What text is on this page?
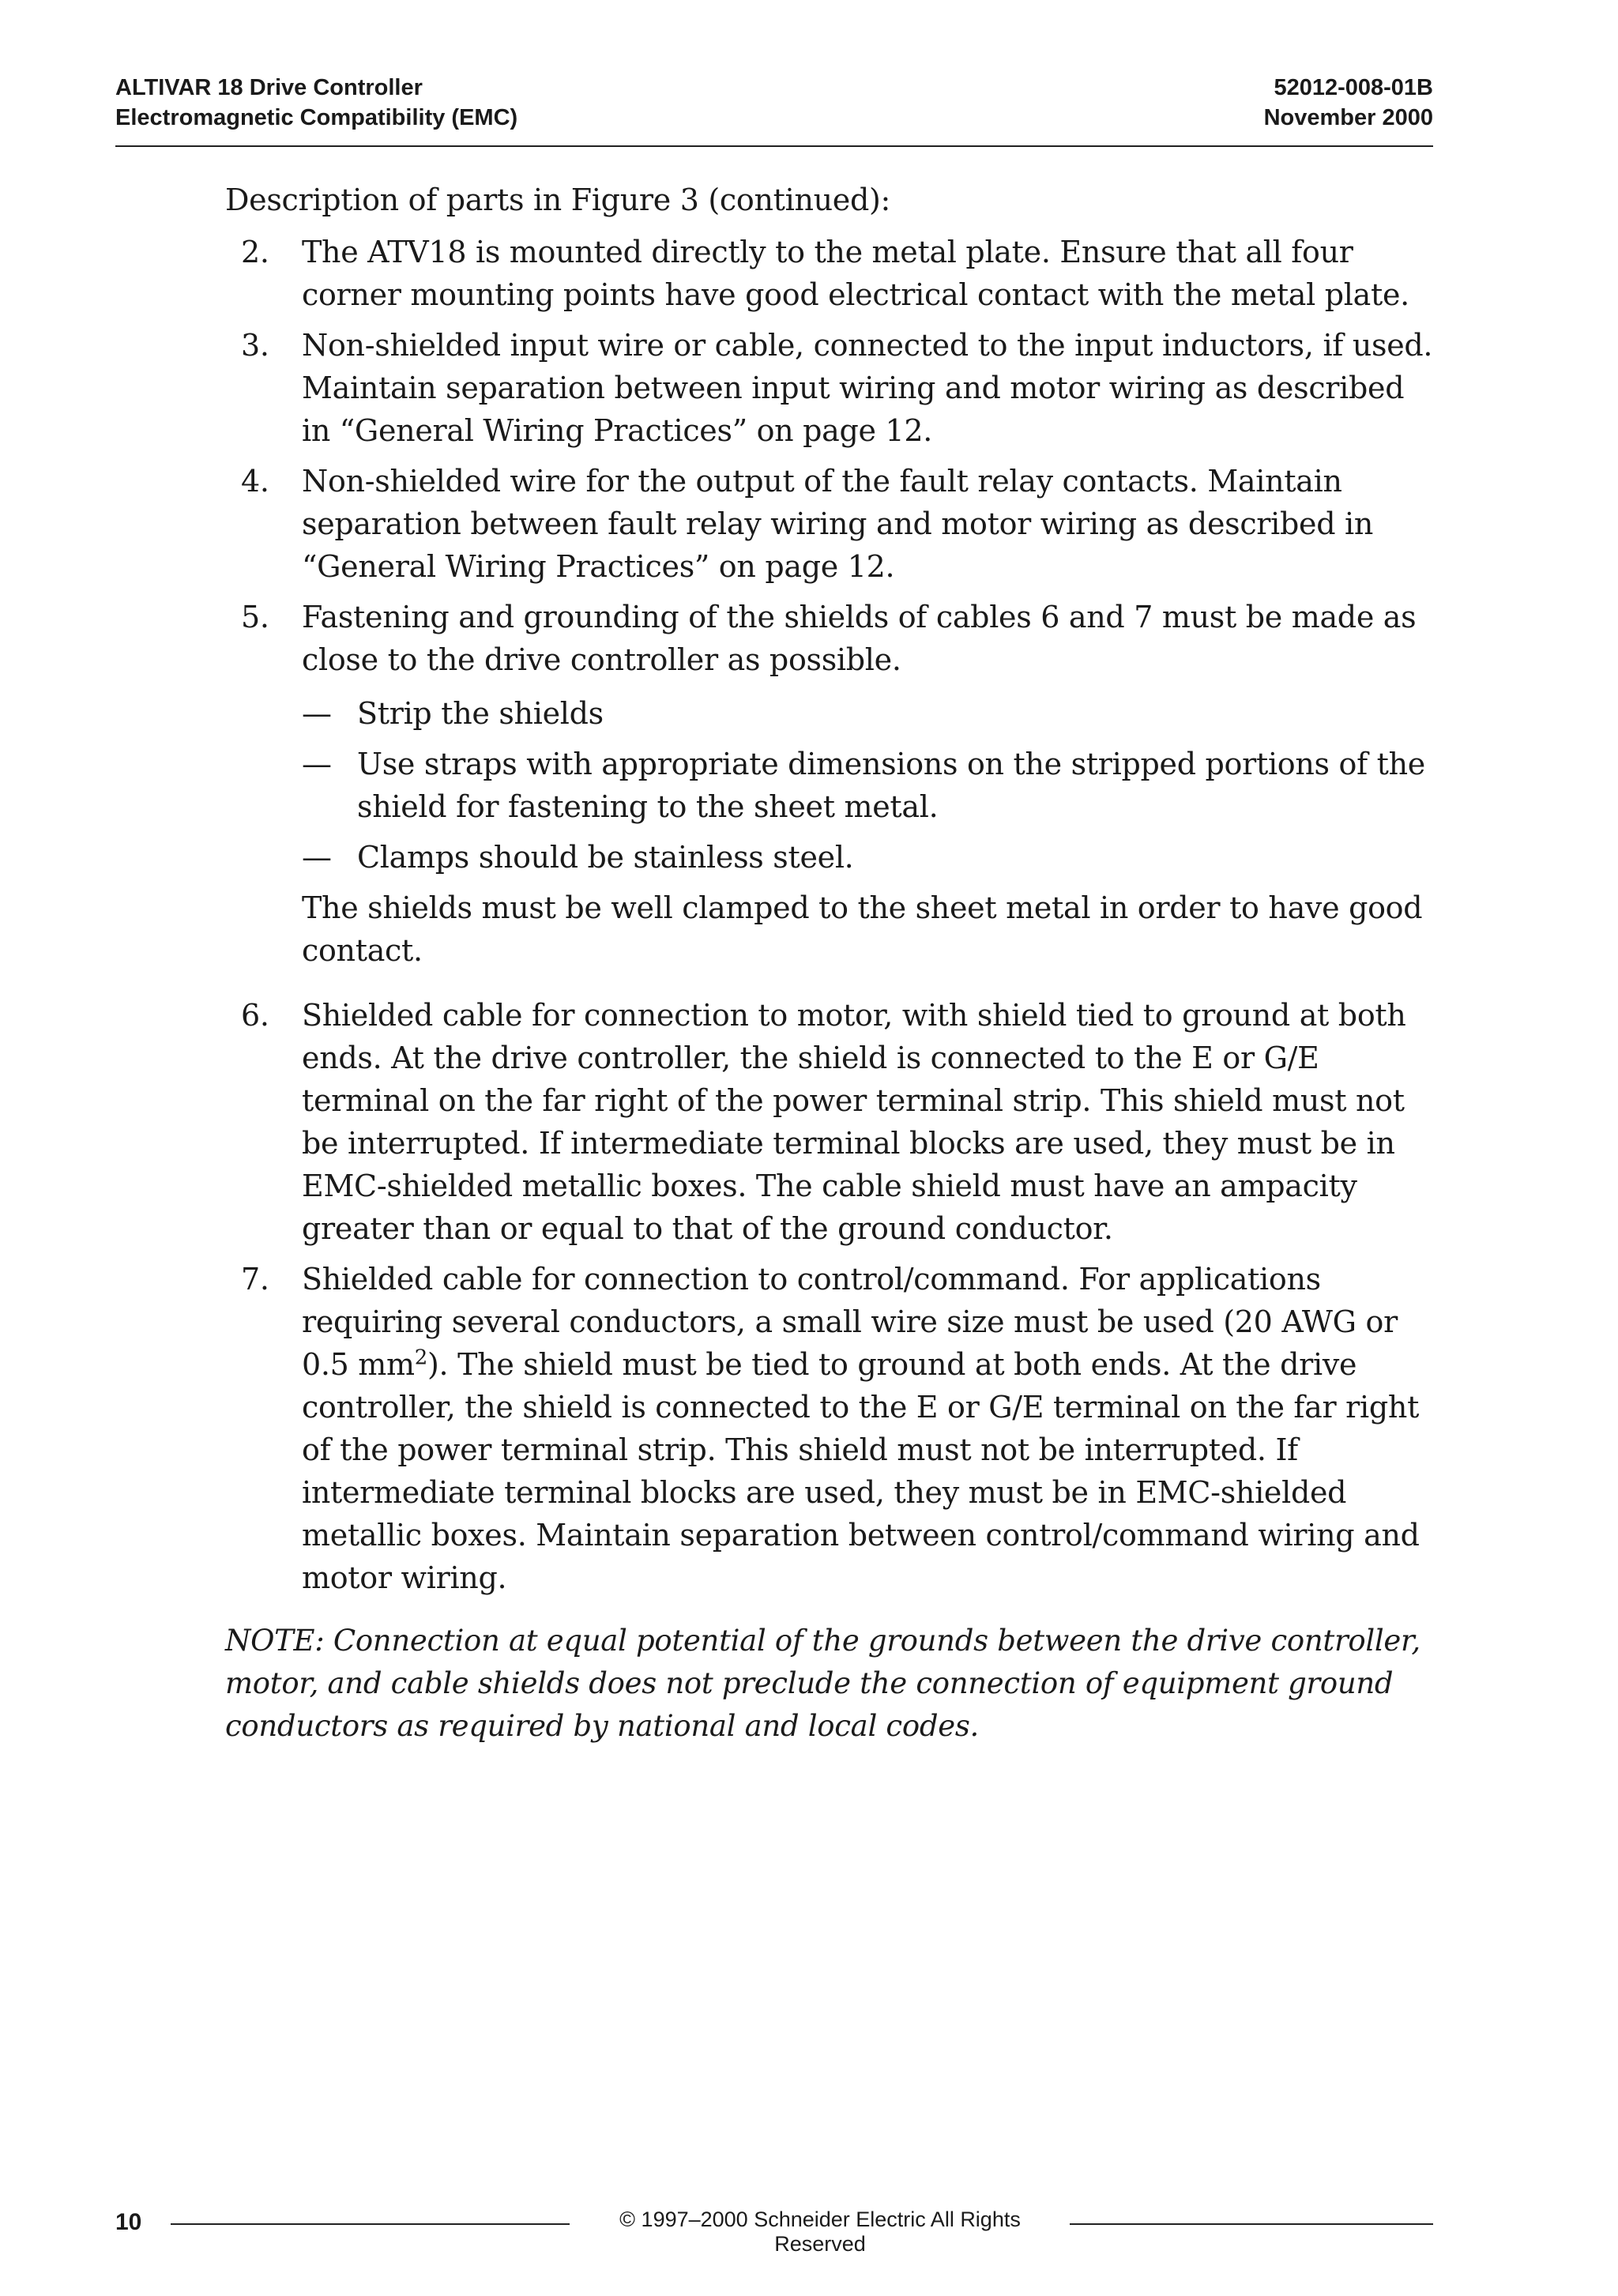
ALTIVAR 18 Drive Controller
Electromagnetic Compatibility (EMC)
52012-008-01B
November 2000

Description of parts in Figure 3 (continued):

2. The ATV18 is mounted directly to the metal plate. Ensure that all four corner mounting points have good electrical contact with the metal plate.
3. Non-shielded input wire or cable, connected to the input inductors, if used. Maintain separation between input wiring and motor wiring as described in “General Wiring Practices” on page 12.
4. Non-shielded wire for the output of the fault relay contacts. Maintain separation between fault relay wiring and motor wiring as described in “General Wiring Practices” on page 12.
5. Fastening and grounding of the shields of cables 6 and 7 must be made as close to the drive controller as possible.
— Strip the shields
— Use straps with appropriate dimensions on the stripped portions of the shield for fastening to the sheet metal.
— Clamps should be stainless steel.
The shields must be well clamped to the sheet metal in order to have good contact.
6. Shielded cable for connection to motor, with shield tied to ground at both ends. At the drive controller, the shield is connected to the E or G/E terminal on the far right of the power terminal strip. This shield must not be interrupted. If intermediate terminal blocks are used, they must be in EMC-shielded metallic boxes. The cable shield must have an ampacity greater than or equal to that of the ground conductor.
7. Shielded cable for connection to control/command. For applications requiring several conductors, a small wire size must be used (20 AWG or 0.5 $mm^2$). The shield must be tied to ground at both ends. At the drive controller, the shield is connected to the E or G/E terminal on the far right of the power terminal strip. This shield must not be interrupted. If intermediate terminal blocks are used, they must be in EMC-shielded metallic boxes. Maintain separation between control/command wiring and motor wiring.

NOTE: Connection at equal potential of the grounds between the drive controller, motor, and cable shields does not preclude the connection of equipment ground conductors as required by national and local codes.

10	© 1997–2000 Schneider Electric All Rights Reserved
